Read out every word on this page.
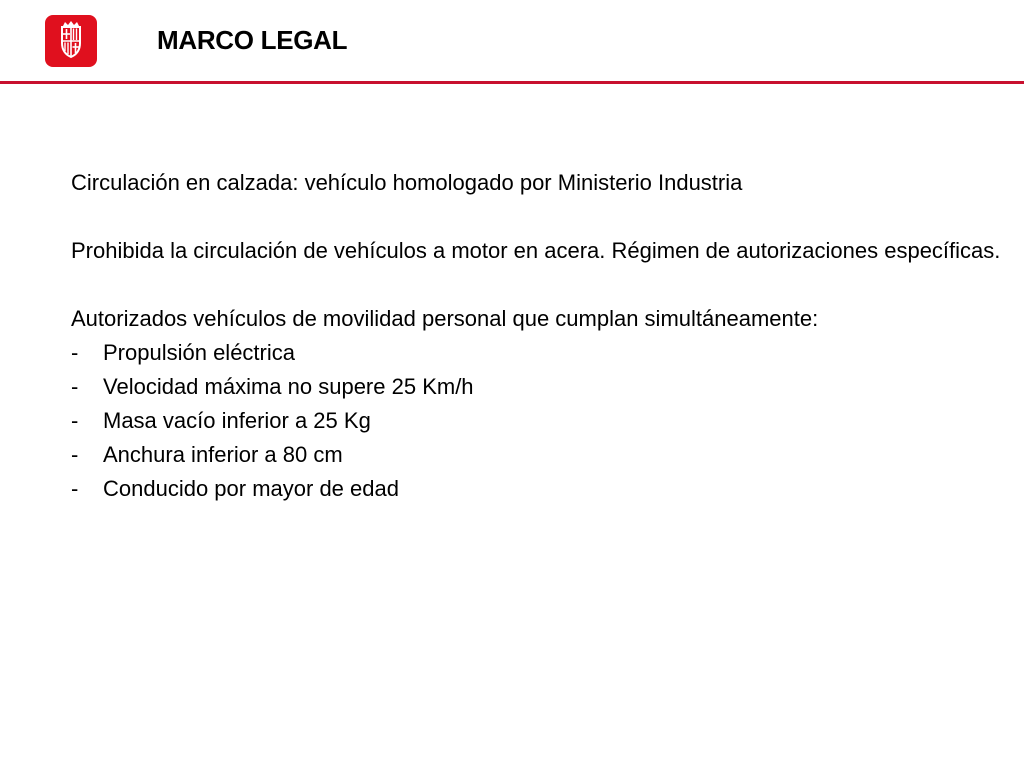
MARCO LEGAL

Circulación en calzada: vehículo homologado por Ministerio Industria

Prohibida la circulación de vehículos a motor en acera. Régimen de autorizaciones específicas.

Autorizados vehículos de movilidad personal que cumplan simultáneamente:

- Propulsión eléctrica
- Velocidad máxima no supere 25 Km/h
- Masa vacío inferior a 25 Kg
- Anchura inferior a 80 cm
- Conducido por mayor de edad
